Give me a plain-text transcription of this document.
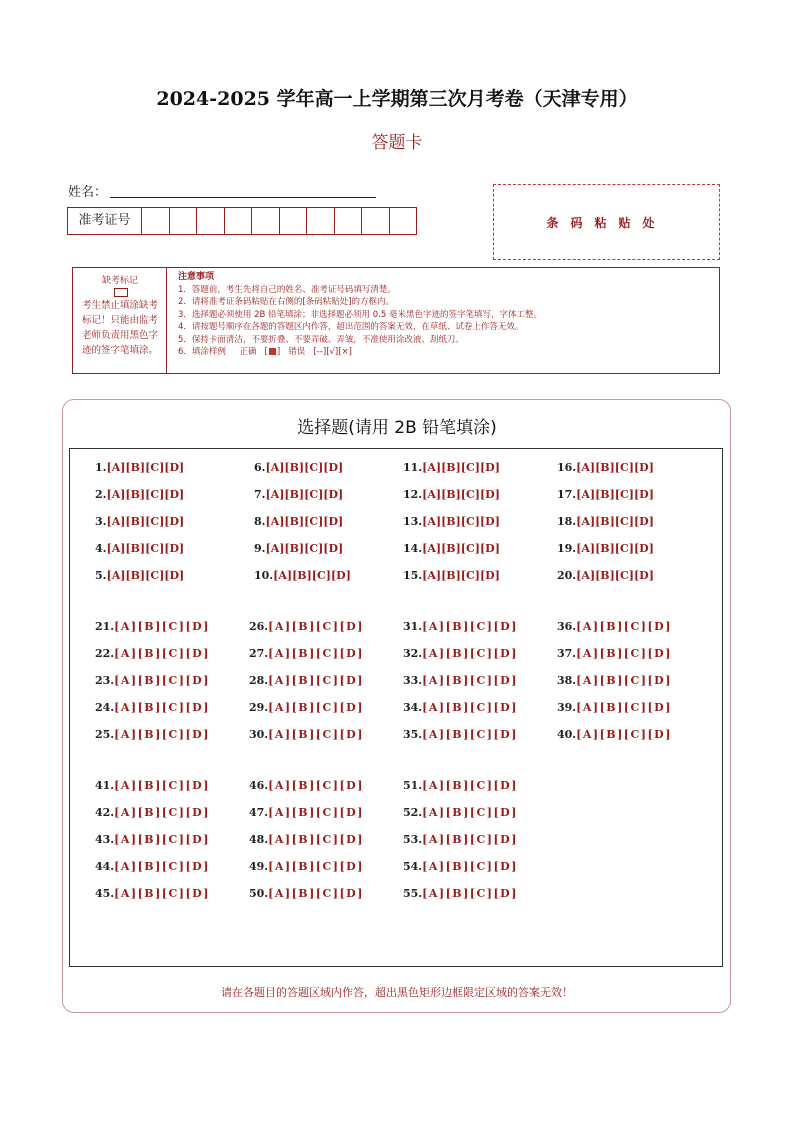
2024-2025 学年高一上学期第三次月考卷（天津专用）
答题卡
姓名：
准考证号	条码粘贴处
缺考标记
考生禁止填涂缺考标记！只能由监考老师负责用黑色字迹的签字笔填涂。
注意事项
1．答题前，考生先将自己的姓名、准考证号码填写清楚。
2．请将准考证条码粘贴在右侧的[条码粘贴处]的方框内。
3．选择题必须使用 2B 铅笔填涂；非选择题必须用 0.5 毫米黑色字迹的签字笔填写，字体工整。
4．请按题号顺序在各题的答题区内作答，超出范围的答案无效，在草纸、试卷上作答无效。
5．保持卡面清洁，不要折叠、不要弄破、弄皱，不准使用涂改液、刮纸刀。
6．填涂样例 正确   [ ]   错误 [--][√][×]
选择题(请用 2B 铅笔填涂)
1.[A][B][C][D]
2.[A][B][C][D]
3.[A][B][C][D]
4.[A][B][C][D]
5.[A][B][C][D]
6.[A][B][C][D]
7.[A][B][C][D]
8.[A][B][C][D]
9.[A][B][C][D]
10.[A][B][C][D]
11.[A][B][C][D]
12.[A][B][C][D]
13.[A][B][C][D]
14.[A][B][C][D]
15.[A][B][C][D]
16.[A][B][C][D]
17.[A][B][C][D]
18.[A][B][C][D]
19.[A][B][C][D]
20.[A][B][C][D]
21.[A][B][C][D]
22.[A][B][C][D]
23.[A][B][C][D]
24.[A][B][C][D]
25.[A][B][C][D]
26.[A][B][C][D]
27.[A][B][C][D]
28.[A][B][C][D]
29.[A][B][C][D]
30.[A][B][C][D]
31.[A][B][C][D]
32.[A][B][C][D]
33.[A][B][C][D]
34.[A][B][C][D]
35.[A][B][C][D]
36.[A][B][C][D]
37.[A][B][C][D]
38.[A][B][C][D]
39.[A][B][C][D]
40.[A][B][C][D]
41.[A][B][C][D]
42.[A][B][C][D]
43.[A][B][C][D]
44.[A][B][C][D]
45.[A][B][C][D]
46.[A][B][C][D]
47.[A][B][C][D]
48.[A][B][C][D]
49.[A][B][C][D]
50.[A][B][C][D]
51.[A][B][C][D]
52.[A][B][C][D]
53.[A][B][C][D]
54.[A][B][C][D]
55.[A][B][C][D]
请在各题目的答题区域内作答，超出黑色矩形边框限定区域的答案无效！
